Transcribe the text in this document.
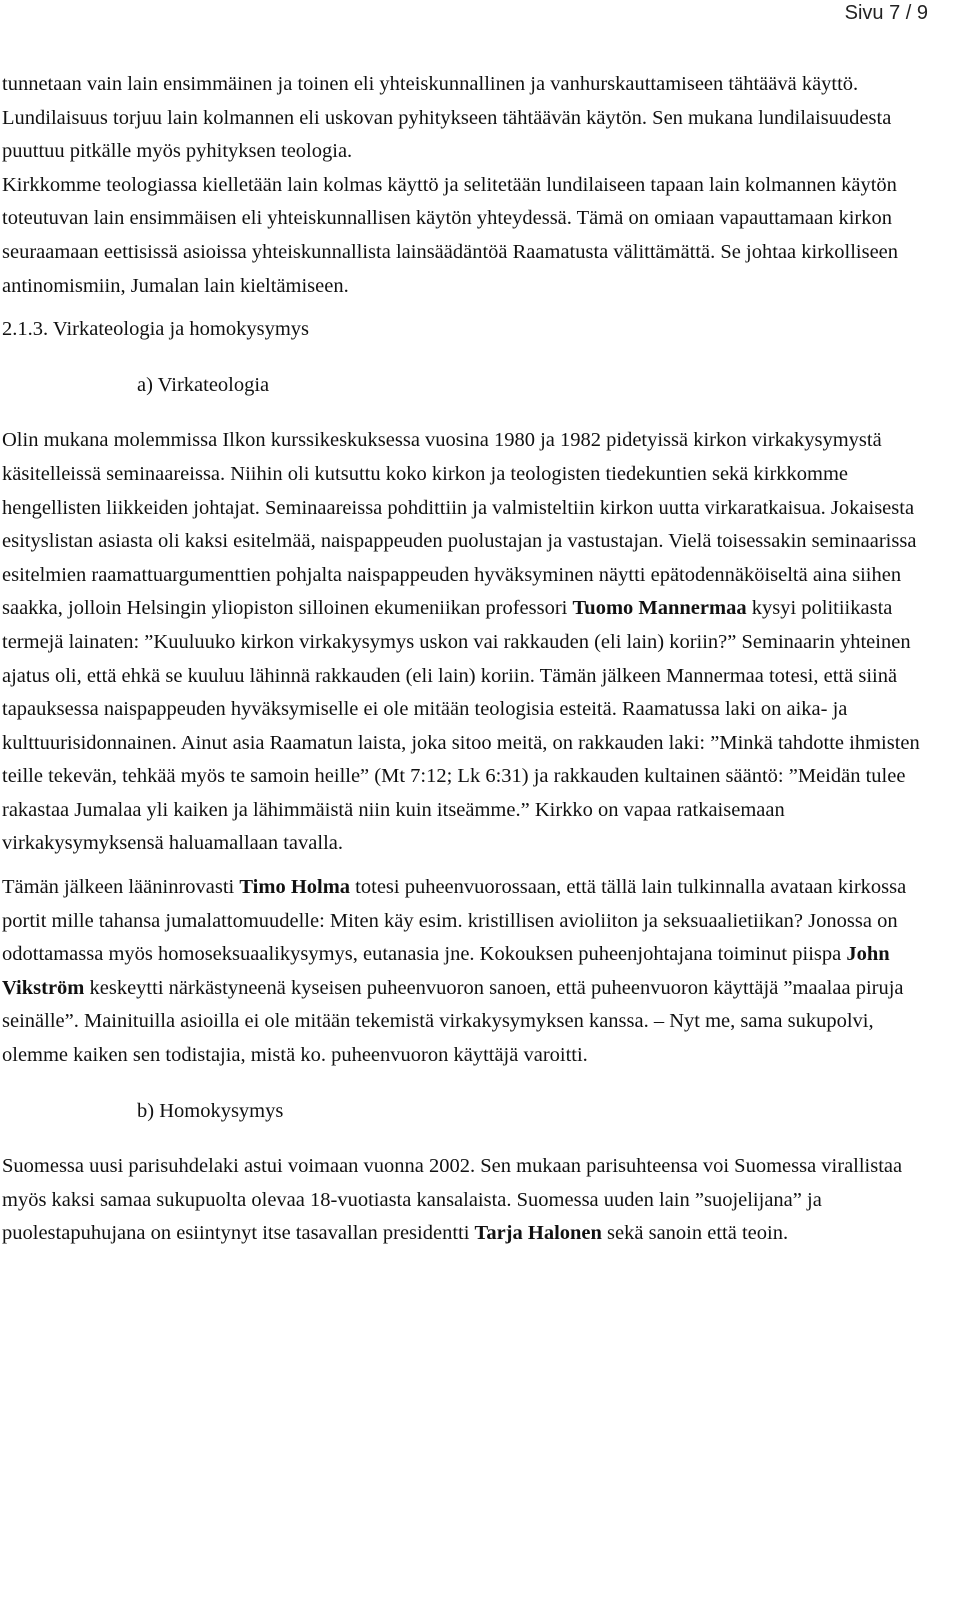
Sivu 7 / 9

tunnetaan vain lain ensimmäinen ja toinen eli yhteiskunnallinen ja vanhurskauttamiseen tähtäävä käyttö. Lundilaisuus torjuu lain kolmannen eli uskovan pyhitykseen tähtäävän käytön. Sen mukana lundilaisuudesta puuttuu pitkälle myös pyhityksen teologia.

Kirkkomme teologiassa kielletään lain kolmas käyttö ja selitetään lundilaiseen tapaan lain kolmannen käytön toteutuvan lain ensimmäisen eli yhteiskunnallisen käytön yhteydessä. Tämä on omiaan vapauttamaan kirkon seuraamaan eettisissä asioissa yhteiskunnallista lainsäädäntöä Raamatusta välittämättä. Se johtaa kirkolliseen antinomismiin, Jumalan lain kieltämiseen.

2.1.3. Virkateologia ja homokysymys

a) Virkateologia

Olin mukana molemmissa Ilkon kurssikeskuksessa vuosina 1980 ja 1982 pidetyissä kirkon virkakysymystä käsitelleissä seminaareissa. Niihin oli kutsuttu koko kirkon ja teologisten tiedekuntien sekä kirkkomme hengellisten liikkeiden johtajat. Seminaareissa pohdittiin ja valmisteltiin kirkon uutta virkaratkaisua. Jokaisesta esityslistan asiasta oli kaksi esitelmää, naispappeuden puolustajan ja vastustajan. Vielä toisessakin seminaarissa esitelmien raamattuargumenttien pohjalta naispappeuden hyväksyminen näytti epätodennäköiseltä aina siihen saakka, jolloin Helsingin yliopiston silloinen ekumeniikan professori Tuomo Mannermaa kysyi politiikasta termejä lainaten: ”Kuuluuko kirkon virkakysymys uskon vai rakkauden (eli lain) koriin?” Seminaarin yhteinen ajatus oli, että ehkä se kuuluu lähinnä rakkauden (eli lain) koriin. Tämän jälkeen Mannermaa totesi, että siinä tapauksessa naispappeuden hyväksymiselle ei ole mitään teologisia esteitä. Raamatussa laki on aika- ja kulttuurisidonnainen. Ainut asia Raamatun laista, joka sitoo meitä, on rakkauden laki: ”Minkä tahdotte ihmisten teille tekevän, tehkää myös te samoin heille” (Mt 7:12; Lk 6:31) ja rakkauden kultainen sääntö: ”Meidän tulee rakastaa Jumalaa yli kaiken ja lähimmäistä niin kuin itseämme.” Kirkko on vapaa ratkaisemaan virkakysymyksensä haluamallaan tavalla.

Tämän jälkeen lääninrovasti Timo Holma totesi puheenvuorossaan, että tällä lain tulkinnalla avataan kirkossa portit mille tahansa jumalattomuudelle: Miten käy esim. kristillisen avioliiton ja seksuaalietiikan? Jonossa on odottamassa myös homoseksuaalikysymys, eutanasia jne. Kokouksen puheenjohtajana toiminut piispa John Vikström keskeytti närkästyneenä kyseisen puheenvuoron sanoen, että puheenvuoron käyttäjä ”maalaa piruja seinälle”. Mainituilla asioilla ei ole mitään tekemistä virkakysymyksen kanssa. – Nyt me, sama sukupolvi, olemme kaiken sen todistajia, mistä ko. puheenvuoron käyttäjä varoitti.

b) Homokysymys

Suomessa uusi parisuhdelaki astui voimaan vuonna 2002. Sen mukaan parisuhteensa voi Suomessa virallistaa myös kaksi samaa sukupuolta olevaa 18-vuotiasta kansalaista. Suomessa uuden lain ”suojelijana” ja puolestapuhujana on esiintynyt itse tasavallan presidentti Tarja Halonen sekä sanoin että teoin.
